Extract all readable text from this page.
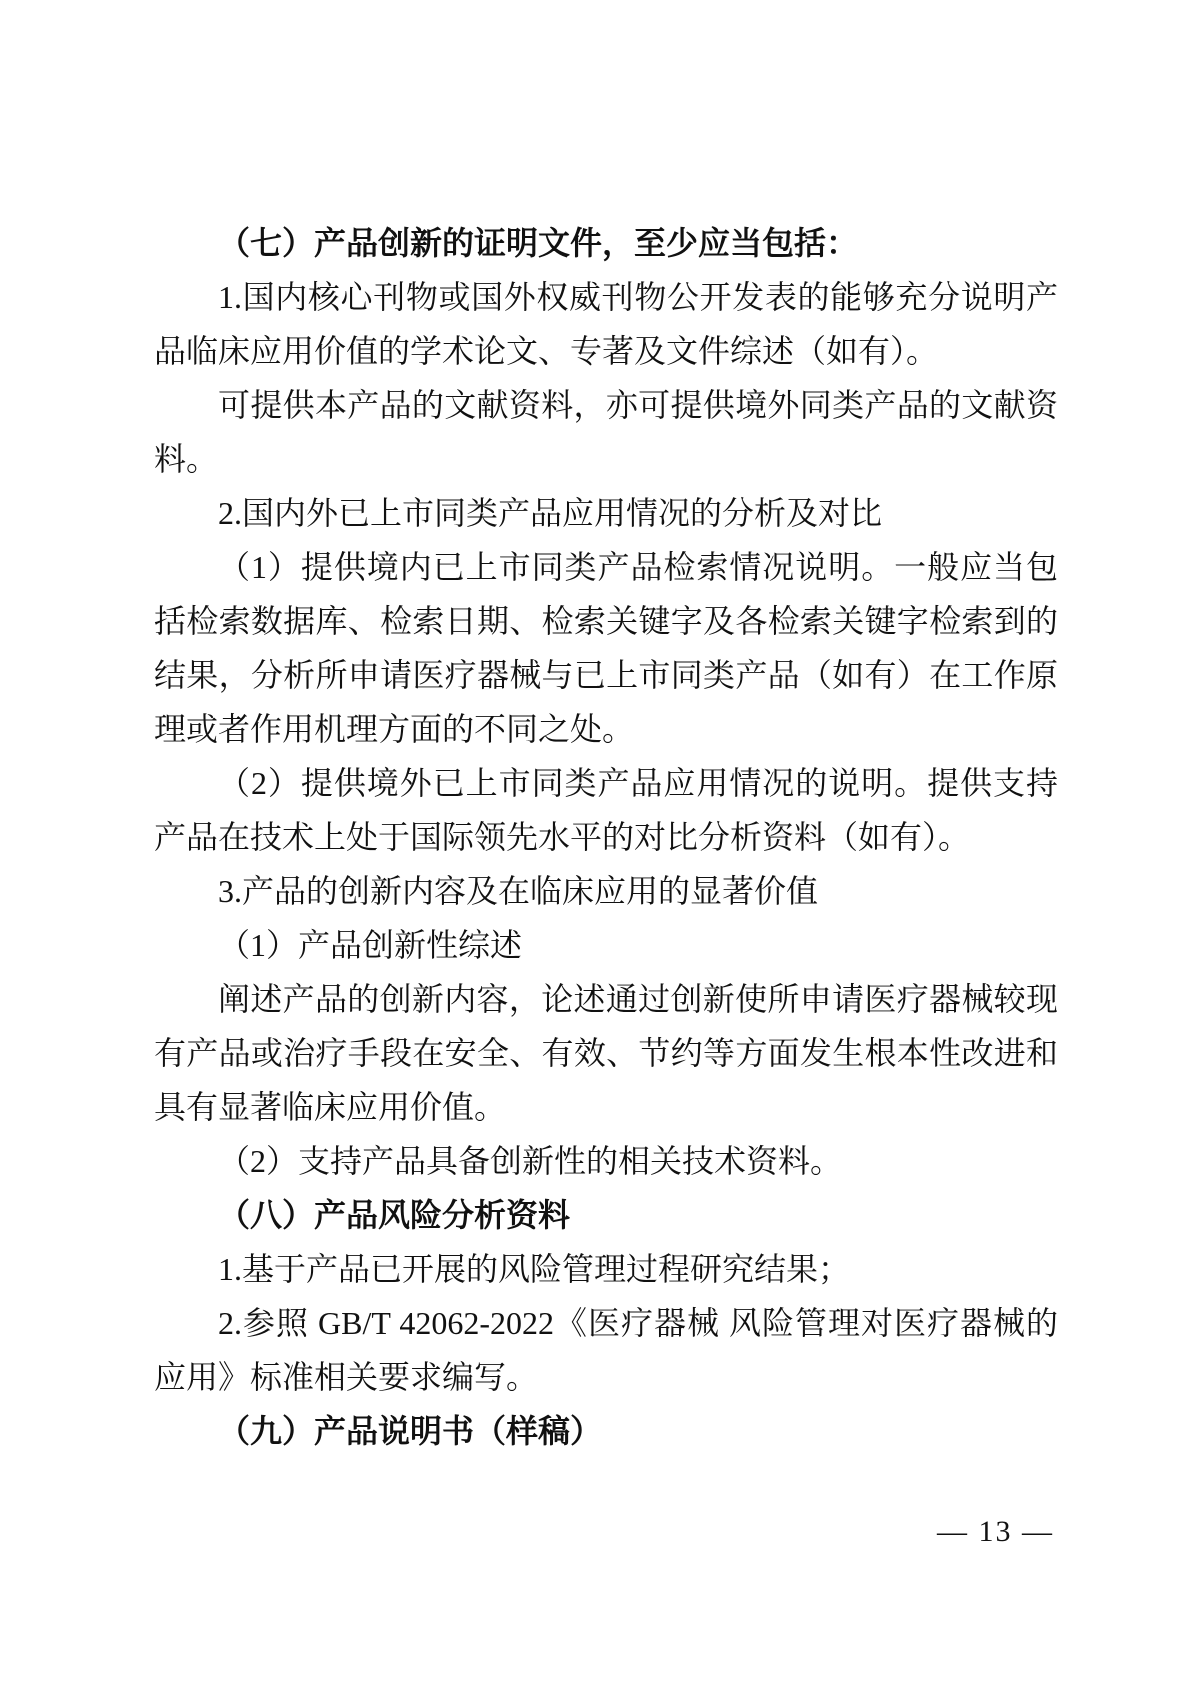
（七）产品创新的证明文件，至少应当包括：

1.国内核心刊物或国外权威刊物公开发表的能够充分说明产品临床应用价值的学术论文、专著及文件综述（如有）。

可提供本产品的文献资料，亦可提供境外同类产品的文献资料。

2.国内外已上市同类产品应用情况的分析及对比

（1）提供境内已上市同类产品检索情况说明。一般应当包括检索数据库、检索日期、检索关键字及各检索关键字检索到的结果，分析所申请医疗器械与已上市同类产品（如有）在工作原理或者作用机理方面的不同之处。

（2）提供境外已上市同类产品应用情况的说明。提供支持产品在技术上处于国际领先水平的对比分析资料（如有）。

3.产品的创新内容及在临床应用的显著价值

（1）产品创新性综述

阐述产品的创新内容，论述通过创新使所申请医疗器械较现有产品或治疗手段在安全、有效、节约等方面发生根本性改进和具有显著临床应用价值。

（2）支持产品具备创新性的相关技术资料。

（八）产品风险分析资料

1.基于产品已开展的风险管理过程研究结果；

2.参照 GB/T 42062-2022《医疗器械 风险管理对医疗器械的应用》标准相关要求编写。

（九）产品说明书（样稿）

— 13 —
